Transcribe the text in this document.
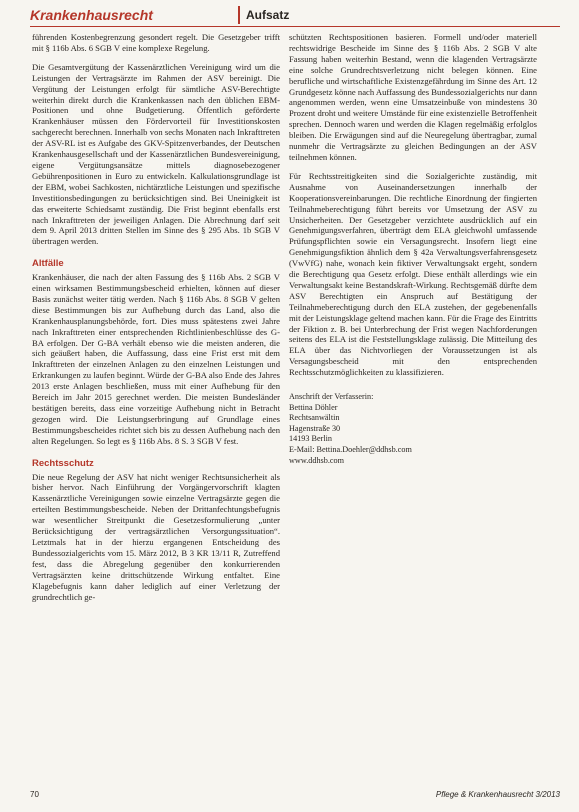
Krankenhausrecht	Aufsatz

führenden Kostenbegrenzung gesondert regelt. Die Gesetzgeber trifft mit § 116b Abs. 6 SGB V eine komplexe Regelung.

Die Gesamtvergütung der Kassenärztlichen Vereinigung wird um die Leistungen der Vertragsärzte im Rahmen der ASV bereinigt. Die Vergütung der Leistungen erfolgt für sämtliche ASV-Berechtigte weiterhin direkt durch die Krankenkassen nach den üblichen EBM-Positionen und ohne Budgetierung. Öffentlich geförderte Krankenhäuser müssen den Fördervorteil für Investitionskosten sachgerecht berechnen. Innerhalb von sechs Monaten nach Inkrafttreten der ASV-RL ist es Aufgabe des GKV-Spitzenverbandes, der Deutschen Krankenhausgesellschaft und der Kassenärztlichen Bundesvereinigung, eigene Vergütungsansätze mittels diagnosebezogener Gebührenpositionen in Euro zu entwickeln. Kalkulationsgrundlage ist der EBM, wobei Sachkosten, nichtärztliche Leistungen und spezifische Investitionsbedingungen zu berücksichtigen sind. Bei Uneinigkeit ist das erweiterte Schiedsamt zuständig. Die Frist beginnt ebenfalls erst nach Inkrafttreten der jeweiligen Anlagen. Die Abrechnung darf seit dem 9. April 2013 dritten Stellen im Sinne des § 295 Abs. 1b SGB V übertragen werden.

Altfälle

Krankenhäuser, die nach der alten Fassung des § 116b Abs. 2 SGB V einen wirksamen Bestimmungsbescheid erhielten, können auf dieser Basis zunächst weiter tätig werden. Nach § 116b Abs. 8 SGB V gelten diese Bestimmungen bis zur Aufhebung durch das Land, also die Krankenhausplanungsbehörde, fort. Dies muss spätestens zwei Jahre nach Inkrafttreten einer entsprechenden Richtlinienbeschlüsse des G-BA erfolgen. Der G-BA verhält ebenso wie die meisten anderen, die sich geäußert haben, die Auffassung, dass eine Frist erst mit dem Inkrafttreten der einzelnen Anlagen zu den einzelnen Leistungen und Erkrankungen zu laufen beginnt. Würde der G-BA also Ende des Jahres 2013 erste Anlagen beschließen, muss mit einer Aufhebung für den Bereich im Jahr 2015 gerechnet werden. Die meisten Bundesländer bestätigen bereits, dass eine vorzeitige Aufhebung nicht in Betracht gezogen wird. Die Leistungserbringung auf Grundlage eines Bestimmungsbescheides richtet sich bis zu dessen Aufhebung nach den alten Regelungen. So legt es § 116b Abs. 8 S. 3 SGB V fest.

Rechtsschutz

Die neue Regelung der ASV hat nicht weniger Rechtsunsicherheit als bisher hervor. Nach Einführung der Vorgängervorschrift klagten Kassenärztliche Vereinigungen sowie einzelne Vertragsärzte gegen die erteilten Bestimmungsbescheide. Neben der Drittanfechtungsbefugnis war wesentlicher Streitpunkt die Gesetzesformulierung „unter Berücksichtigung der vertragsärztlichen Versorgungssituation“. Letztmals hat in der hierzu ergangenen Entscheidung des Bundessozialgerichts vom 15. März 2012, B 3 KR 13/11 R, Zutreffend fest, dass die Abregelung gegenüber den konkurrierenden Vertragsärzten keine drittschützende Wirkung entfaltet. Eine Klagebefugnis kann daher lediglich auf einer Verletzung der grundrechtlich ge-

schützten Rechtspositionen basieren. Formell und/oder materiell rechtswidrige Bescheide im Sinne des § 116b Abs. 2 SGB V alte Fassung haben weiterhin Bestand, wenn die klagenden Vertragsärzte eine solche Grundrechtsverletzung nicht belegen können. Eine berufliche und wirtschaftliche Existenzgefährdung im Sinne des Art. 12 Grundgesetz könne nach Auffassung des Bundessozialgerichts nur dann angenommen werden, wenn eine Umsatzeinbuße von mindestens 30 Prozent droht und weitere Umstände für eine existenzielle Betroffenheit sprechen. Dennoch waren und werden die Klagen regelmäßig erfolglos bleiben. Die Erwägungen sind auf die Neuregelung übertragbar, zumal nunmehr die Vertragsärzte zu gleichen Bedingungen an der ASV teilnehmen können.

Für Rechtsstreitigkeiten sind die Sozialgerichte zuständig, mit Ausnahme von Auseinandersetzungen innerhalb der Kooperationsvereinbarungen. Die rechtliche Einordnung der fingierten Teilnahmeberechtigung führt bereits vor Umsetzung der ASV zu Unsicherheiten. Der Gesetzgeber verzichtete ausdrücklich auf ein Genehmigungsverfahren, überträgt dem ELA gleichwohl umfassende Prüfungspflichten sowie ein Versagungsrecht. Insofern liegt eine Genehmigungsfiktion ähnlich dem § 42a Verwaltungsverfahrensgesetz (VwVfG) nahe, wonach kein fiktiver Verwaltungsakt ergeht, sondern die Berechtigung qua Gesetz erfolgt. Diese enthält allerdings wie ein Verwaltungsakt keine Bestandskraft-Wirkung. Rechtsgemäß dürfte dem ASV Berechtigten ein Anspruch auf Bestätigung der Teilnahmeberechtigung durch den ELA zustehen, der gegebenenfalls mit der Leistungsklage geltend machen kann. Für die Frage des Eintritts der Fiktion z. B. bei Unterbrechung der Frist wegen Nachforderungen seitens des ELA ist die Feststellungsklage zulässig. Die Mitteilung des ELA über das Nichtvorliegen der Voraussetzungen ist als Versagungsbescheid mit den entsprechenden Rechtsschutzmöglichkeiten zu klassifizieren.

Anschrift der Verfasserin:
Bettina Döhler
Rechtsanwältin
Hagenstraße 30
14193 Berlin
E-Mail: Bettina.Doehler@ddhsb.com
www.ddhsb.com
70	Pflege & Krankenhausrecht 3/2013
